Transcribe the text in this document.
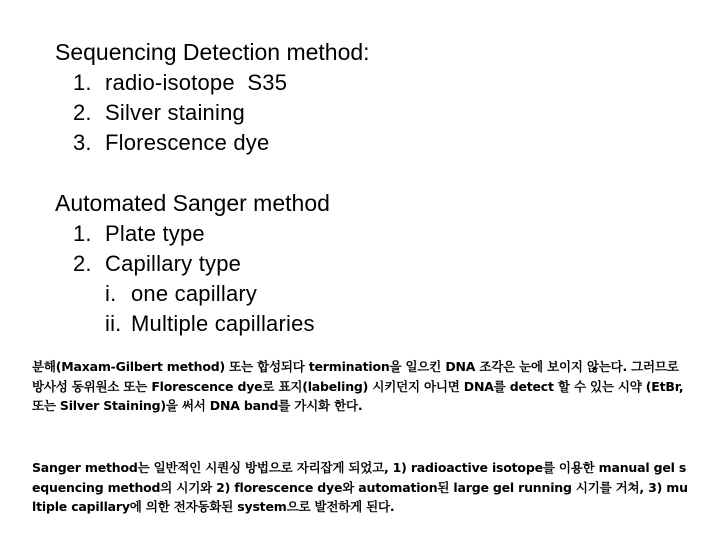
Sequencing Detection method:
1. radio-isotope  S35
2. Silver staining
3. Florescence dye
Automated Sanger method
1. Plate type
2. Capillary type
i. one capillary
ii. Multiple capillaries
분해(Maxam-Gilbert method) 또는 합성되다 termination을 일으킨 DNA 조각은 눈에 보이지 않는다. 그러므로 방사성 동위원소 또는 Florescence dye로 표지(labeling) 시키던지 아니면 DNA를 detect 할 수 있는 시약 (EtBr, 또는 Silver Staining)을 써서 DNA band를 가시화 한다.
Sanger method는 일반적인 시퀀싱 방법으로 자리잡게 되었고, 1) radioactive isotope를 이용한 manual gel sequencing method의 시기와 2) florescence dye와 automation된 large gel running 시기를 거쳐, 3) multiple capillary에 의한 전자동화된 system으로 발전하게 된다.
